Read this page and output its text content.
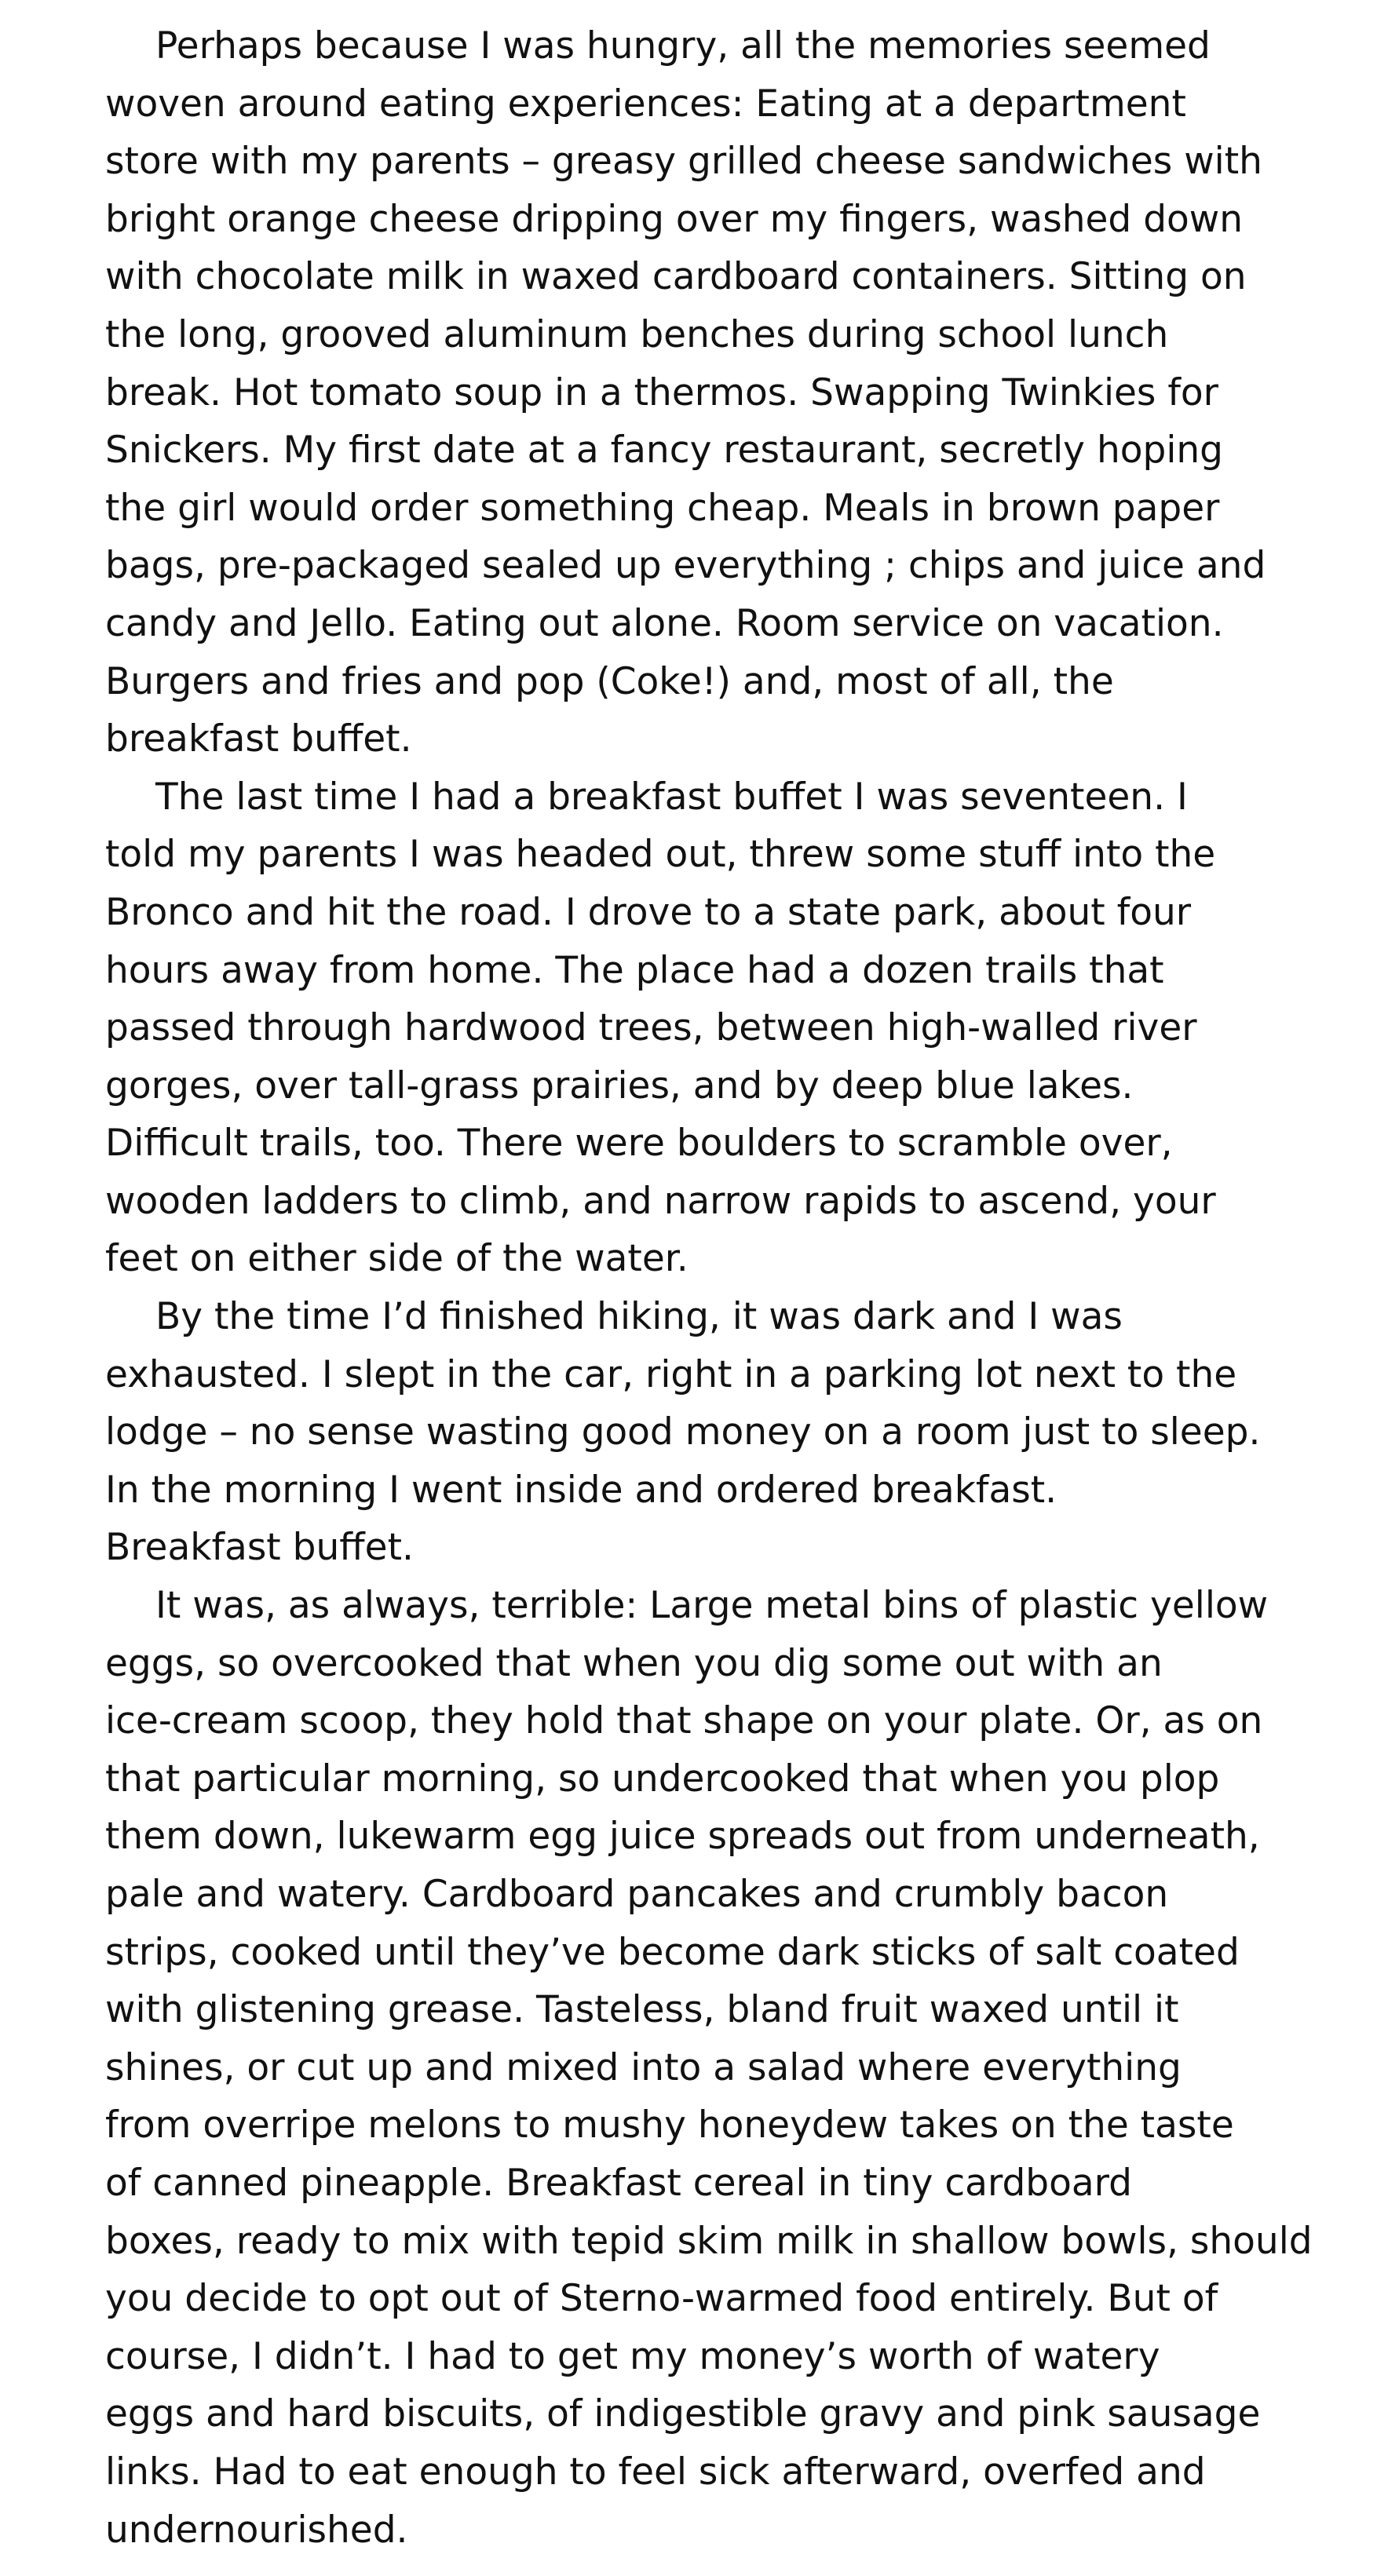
Perhaps because I was hungry, all the memories seemed
woven around eating experiences: Eating at a department
store with my parents – greasy grilled cheese sandwiches with
bright orange cheese dripping over my fingers, washed down
with chocolate milk in waxed cardboard containers. Sitting on
the long, grooved aluminum benches during school lunch
break. Hot tomato soup in a thermos. Swapping Twinkies for
Snickers. My first date at a fancy restaurant, secretly hoping
the girl would order something cheap. Meals in brown paper
bags, pre-packaged sealed up everything ; chips and juice and
candy and Jello. Eating out alone. Room service on vacation.
Burgers and fries and pop (Coke!) and, most of all, the
breakfast buffet.
The last time I had a breakfast buffet I was seventeen. I
told my parents I was headed out, threw some stuff into the
Bronco and hit the road. I drove to a state park, about four
hours away from home. The place had a dozen trails that
passed through hardwood trees, between high-walled river
gorges, over tall-grass prairies, and by deep blue lakes.
Difficult trails, too. There were boulders to scramble over,
wooden ladders to climb, and narrow rapids to ascend, your
feet on either side of the water.
By the time I’d finished hiking, it was dark and I was
exhausted. I slept in the car, right in a parking lot next to the
lodge – no sense wasting good money on a room just to sleep.
In the morning I went inside and ordered breakfast.
Breakfast buffet.
It was, as always, terrible: Large metal bins of plastic yellow
eggs, so overcooked that when you dig some out with an
ice-cream scoop, they hold that shape on your plate. Or, as on
that particular morning, so undercooked that when you plop
them down, lukewarm egg juice spreads out from underneath,
pale and watery. Cardboard pancakes and crumbly bacon
strips, cooked until they’ve become dark sticks of salt coated
with glistening grease. Tasteless, bland fruit waxed until it
shines, or cut up and mixed into a salad where everything
from overripe melons to mushy honeydew takes on the taste
of canned pineapple. Breakfast cereal in tiny cardboard
boxes, ready to mix with tepid skim milk in shallow bowls, should
you decide to opt out of Sterno-warmed food entirely. But of
course, I didn’t. I had to get my money’s worth of watery
eggs and hard biscuits, of indigestible gravy and pink sausage
links. Had to eat enough to feel sick afterward, overfed and
undernourished.
